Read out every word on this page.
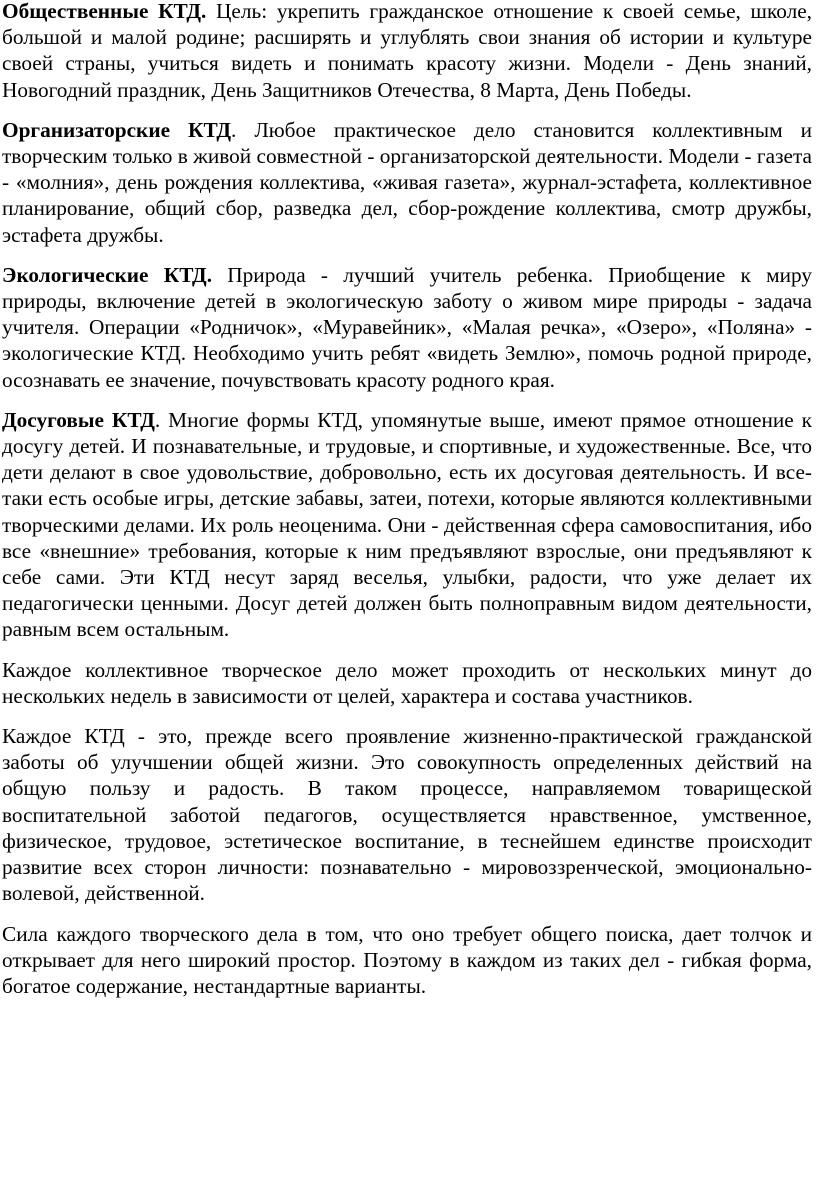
Общественные КТД. Цель: укрепить гражданское отношение к своей семье, школе, большой и малой родине; расширять и углублять свои знания об истории и культуре своей страны, учиться видеть и понимать красоту жизни. Модели - День знаний, Новогодний праздник, День Защитников Отечества, 8 Марта, День Победы.

Организаторские КТД. Любое практическое дело становится коллективным и творческим только в живой совместной - организаторской деятельности. Модели - газета - «молния», день рождения коллектива, «живая газета», журнал-эстафета, коллективное планирование, общий сбор, разведка дел, сбор-рождение коллектива, смотр дружбы, эстафета дружбы.

Экологические КТД. Природа - лучший учитель ребенка. Приобщение к миру природы, включение детей в экологическую заботу о живом мире природы - задача учителя. Операции «Родничок», «Муравейник», «Малая речка», «Озеро», «Поляна» - экологические КТД. Необходимо учить ребят «видеть Землю», помочь родной природе, осознавать ее значение, почувствовать красоту родного края.

Досуговые КТД. Многие формы КТД, упомянутые выше, имеют прямое отношение к досугу детей. И познавательные, и трудовые, и спортивные, и художественные. Все, что дети делают в свое удовольствие, добровольно, есть их досуговая деятельность. И все-таки есть особые игры, детские забавы, затеи, потехи, которые являются коллективными творческими делами. Их роль неоценима. Они - действенная сфера самовоспитания, ибо все «внешние» требования, которые к ним предъявляют взрослые, они предъявляют к себе сами. Эти КТД несут заряд веселья, улыбки, радости, что уже делает их педагогически ценными. Досуг детей должен быть полноправным видом деятельности, равным всем остальным.

Каждое коллективное творческое дело может проходить от нескольких минут до нескольких недель в зависимости от целей, характера и состава участников.

Каждое КТД - это, прежде всего проявление жизненно-практической гражданской заботы об улучшении общей жизни. Это совокупность определенных действий на общую пользу и радость. В таком процессе, направляемом товарищеской воспитательной заботой педагогов, осуществляется нравственное, умственное, физическое, трудовое, эстетическое воспитание, в теснейшем единстве происходит развитие всех сторон личности: познавательно - мировоззренческой, эмоционально-волевой, действенной.

Сила каждого творческого дела в том, что оно требует общего поиска, дает толчок и открывает для него широкий простор. Поэтому в каждом из таких дел - гибкая форма, богатое содержание, нестандартные варианты.
